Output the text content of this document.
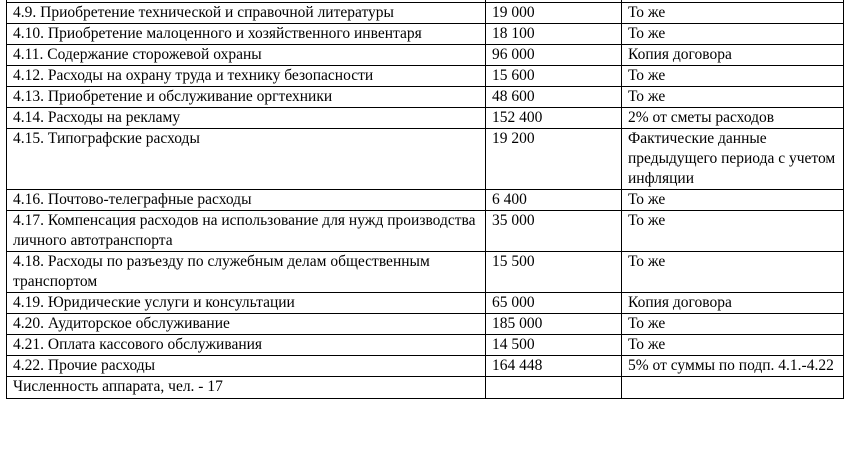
4.9. Приобретение технической и справочной литературы	19 000	То же
4.10. Приобретение малоценного и хозяйственного инвентаря	18 100	То же
4.11. Содержание сторожевой охраны	96 000	Копия договора
4.12. Расходы на охрану труда и технику безопасности	15 600	То же
4.13. Приобретение и обслуживание оргтехники	48 600	То же
4.14. Расходы на рекламу	152 400	2% от сметы расходов
4.15. Типографские расходы	19 200	Фактические данные предыдущего периода с учетом инфляции
4.16. Почтово-телеграфные расходы	6 400	То же
4.17. Компенсация расходов на использование для нужд производства личного автотранспорта	35 000	То же
4.18. Расходы по разъезду по служебным делам общественным транспортом	15 500	То же
4.19. Юридические услуги и консультации	65 000	Копия договора
4.20. Аудиторское обслуживание	185 000	То же
4.21. Оплата кассового обслуживания	14 500	То же
4.22. Прочие расходы	164 448	5% от суммы по подп. 4.1.-4.22
Численность аппарата, чел. - 17		
